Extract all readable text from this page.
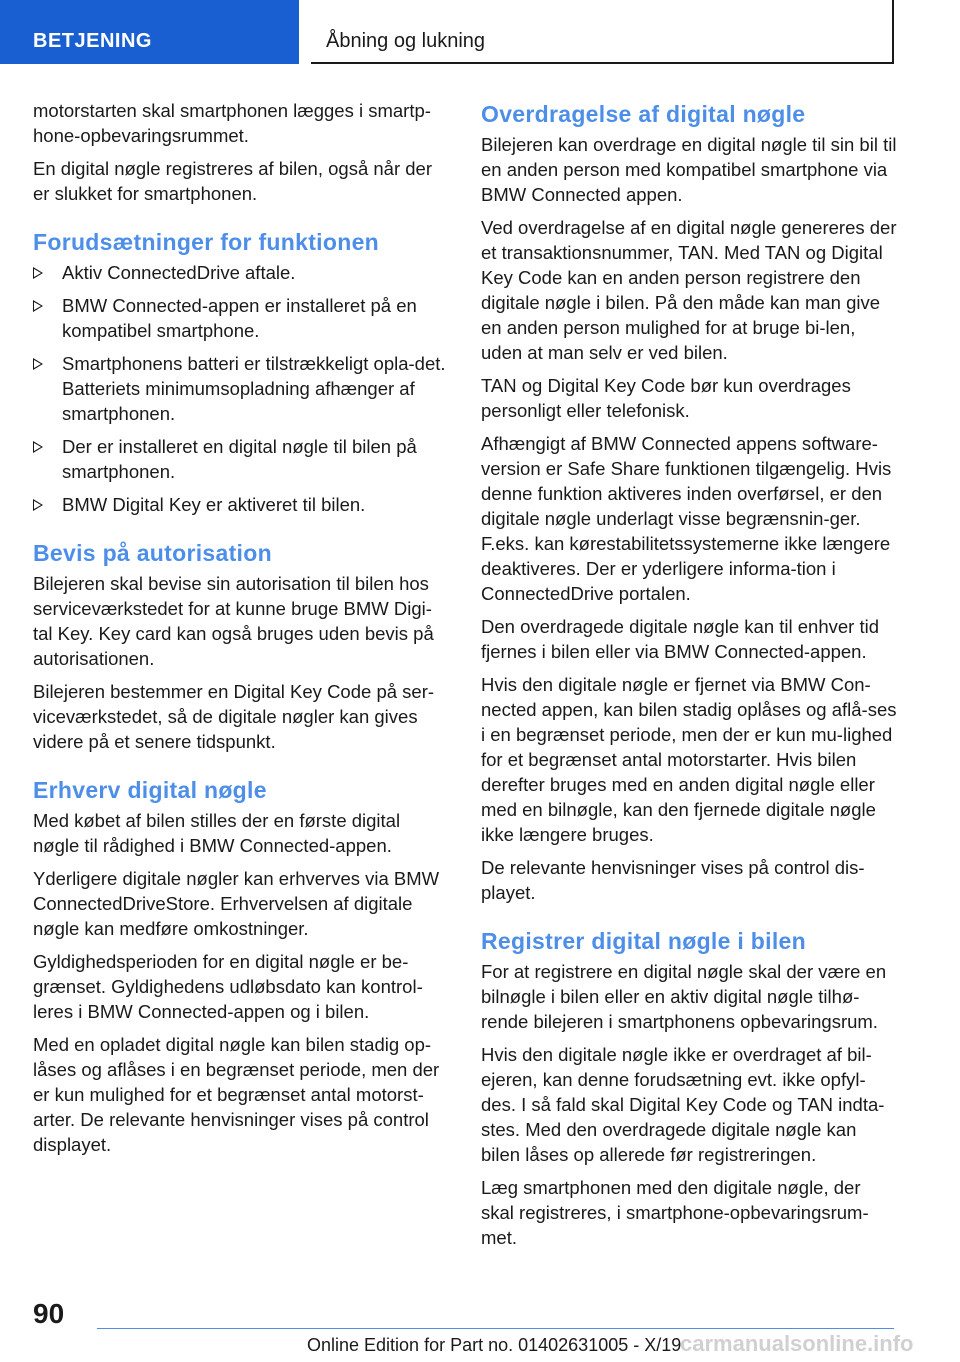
BETJENING	Åbning og lukning

motorstarten skal smartphonen lægges i smartp‐hone-opbevaringsrummet.

En digital nøgle registreres af bilen, også når der er slukket for smartphonen.

Forudsætninger for funktionen
Aktiv ConnectedDrive aftale.
BMW Connected-appen er installeret på en kompatibel smartphone.
Smartphonens batteri er tilstrækkeligt opla‐det. Batteriets minimumsopladning afhænger af smartphonen.
Der er installeret en digital nøgle til bilen på smartphonen.
BMW Digital Key er aktiveret til bilen.
Bevis på autorisation

Bilejeren skal bevise sin autorisation til bilen hos serviceværkstedet for at kunne bruge BMW Digi‐tal Key. Key card kan også bruges uden bevis på autorisationen.

Bilejeren bestemmer en Digital Key Code på ser‐viceværkstedet, så de digitale nøgler kan gives videre på et senere tidspunkt.

Erhverv digital nøgle

Med købet af bilen stilles der en første digital nøgle til rådighed i BMW Connected-appen.

Yderligere digitale nøgler kan erhverves via BMW ConnectedDriveStore. Erhvervelsen af digitale nøgle kan medføre omkostninger.

Gyldighedsperioden for en digital nøgle er be‐grænset. Gyldighedens udløbsdato kan kontrol‐leres i BMW Connected-appen og i bilen.

Med en opladet digital nøgle kan bilen stadig op‐låses og aflåses i en begrænset periode, men der er kun mulighed for et begrænset antal motorst‐arter. De relevante henvisninger vises på control displayet.

Overdragelse af digital nøgle

Bilejeren kan overdrage en digital nøgle til sin bil til en anden person med kompatibel smartphone via BMW Connected appen.

Ved overdragelse af en digital nøgle genereres der et transaktionsnummer, TAN. Med TAN og Digital Key Code kan en anden person registrere den digitale nøgle i bilen. På den måde kan man give en anden person mulighed for at bruge bi‐len, uden at man selv er ved bilen.

TAN og Digital Key Code bør kun overdrages personligt eller telefonisk.

Afhængigt af BMW Connected appens software-version er Safe Share funktionen tilgængelig. Hvis denne funktion aktiveres inden overførsel, er den digitale nøgle underlagt visse begrænsnin‐ger. F.eks. kan kørestabilitetssystemerne ikke længere deaktiveres. Der er yderligere informa‐tion i ConnectedDrive portalen.

Den overdragede digitale nøgle kan til enhver tid fjernes i bilen eller via BMW Connected-appen.

Hvis den digitale nøgle er fjernet via BMW Con‐nected appen, kan bilen stadig oplåses og aflå‐ses i en begrænset periode, men der er kun mu‐lighed for et begrænset antal motorstarter. Hvis bilen derefter bruges med en anden digital nøgle eller med en bilnøgle, kan den fjernede digitale nøgle ikke længere bruges.

De relevante henvisninger vises på control dis‐playet.

Registrer digital nøgle i bilen

For at registrere en digital nøgle skal der være en bilnøgle i bilen eller en aktiv digital nøgle tilhø‐rende bilejeren i smartphonens opbevaringsrum.

Hvis den digitale nøgle ikke er overdraget af bil‐ejeren, kan denne forudsætning evt. ikke opfyl‐des. I så fald skal Digital Key Code og TAN indta‐stes. Med den overdragede digitale nøgle kan bilen låses op allerede før registreringen.

Læg smartphonen med den digitale nøgle, der skal registreres, i smartphone-opbevaringsrum‐met.

90
Online Edition for Part no. 01402631005 - X/19
carmanualsonline.info
